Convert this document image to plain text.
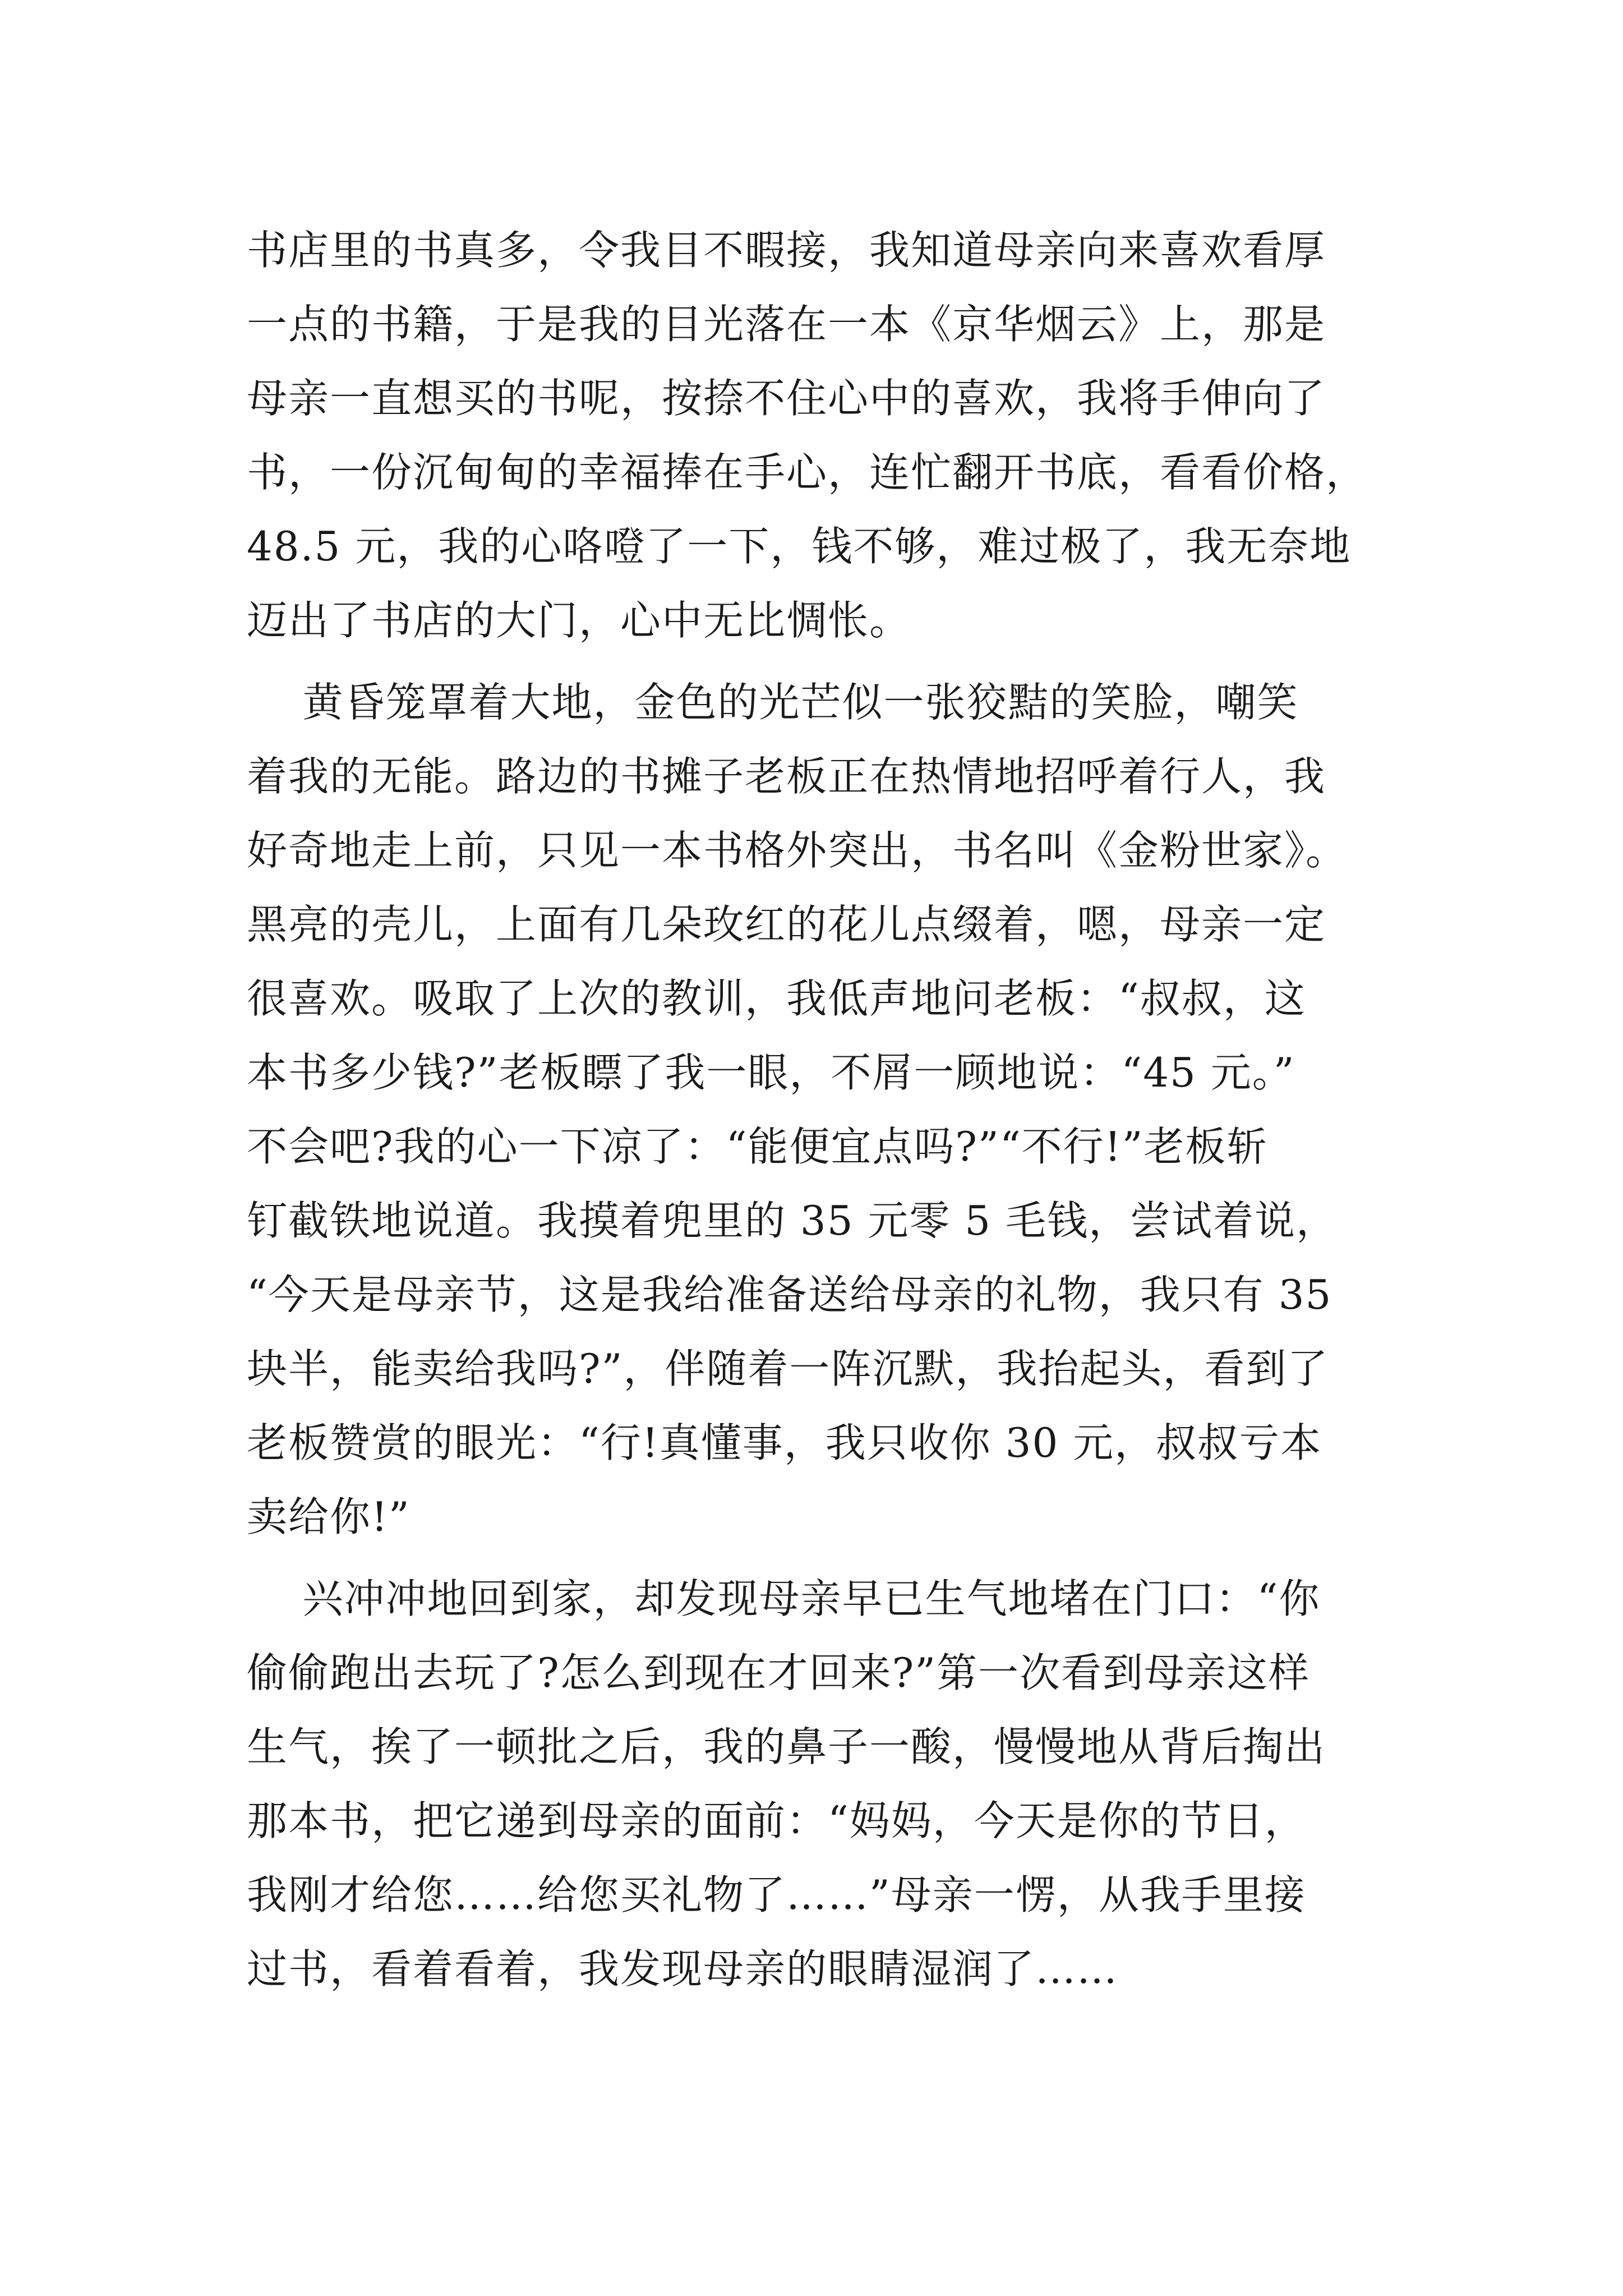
书店里的书真多，令我目不暇接，我知道母亲向来喜欢看厚
一点的书籍，于是我的目光落在一本《京华烟云》上，那是
母亲一直想买的书呢，按捺不住心中的喜欢，我将手伸向了
书，一份沉甸甸的幸福捧在手心，连忙翻开书底，看看价格，
48.5 元，我的心咯噔了一下，钱不够，难过极了，我无奈地
迈出了书店的大门，心中无比惆怅。
黄昏笼罩着大地，金色的光芒似一张狡黠的笑脸，嘲笑
着我的无能。路边的书摊子老板正在热情地招呼着行人，我
好奇地走上前，只见一本书格外突出，书名叫《金粉世家》。
黑亮的壳儿，上面有几朵玫红的花儿点缀着，嗯，母亲一定
很喜欢。吸取了上次的教训，我低声地问老板：“叔叔，这
本书多少钱?”老板瞟了我一眼，不屑一顾地说：“45 元。”
不会吧?我的心一下凉了：“能便宜点吗?”“不行!”老板斩
钉截铁地说道。我摸着兜里的 35 元零 5 毛钱，尝试着说，
“今天是母亲节，这是我给准备送给母亲的礼物，我只有 35
块半，能卖给我吗?”，伴随着一阵沉默，我抬起头，看到了
老板赞赏的眼光：“行!真懂事，我只收你 30 元，叔叔亏本
卖给你!”
兴冲冲地回到家，却发现母亲早已生气地堵在门口：“你
偷偷跑出去玩了?怎么到现在才回来?”第一次看到母亲这样
生气，挨了一顿批之后，我的鼻子一酸，慢慢地从背后掏出
那本书，把它递到母亲的面前：“妈妈，今天是你的节日，
我刚才给您……给您买礼物了……”母亲一愣，从我手里接
过书，看着看着，我发现母亲的眼睛湿润了……
